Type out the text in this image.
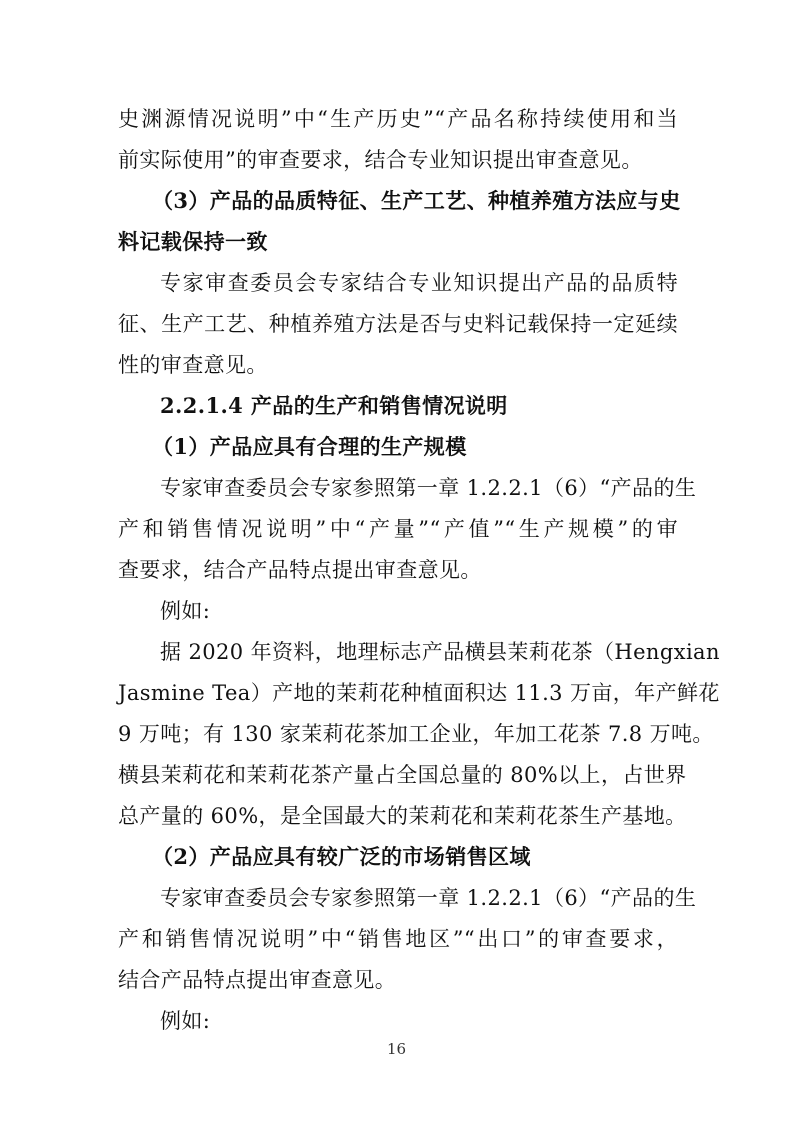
史渊源情况说明”中“生产历史”“产品名称持续使用和当
前实际使用”的审查要求，结合专业知识提出审查意见。
（3）产品的品质特征、生产工艺、种植养殖方法应与史
料记载保持一致
专家审查委员会专家结合专业知识提出产品的品质特
征、生产工艺、种植养殖方法是否与史料记载保持一定延续
性的审查意见。
2.2.1.4 产品的生产和销售情况说明
（1）产品应具有合理的生产规模
专家审查委员会专家参照第一章 1.2.2.1（6）“产品的生
产和销售情况说明”中“产量”“产值”“生产规模”的审
查要求，结合产品特点提出审查意见。
例如:
据 2020 年资料，地理标志产品横县茉莉花茶（Hengxian
Jasmine Tea）产地的茉莉花种植面积达 11.3 万亩，年产鲜花
9 万吨；有 130 家茉莉花茶加工企业，年加工花茶 7.8 万吨。
横县茉莉花和茉莉花茶产量占全国总量的 80%以上，占世界
总产量的 60%，是全国最大的茉莉花和茉莉花茶生产基地。
（2）产品应具有较广泛的市场销售区域
专家审查委员会专家参照第一章 1.2.2.1（6）“产品的生
产和销售情况说明”中“销售地区”“出口”的审查要求，
结合产品特点提出审查意见。
例如:
16
